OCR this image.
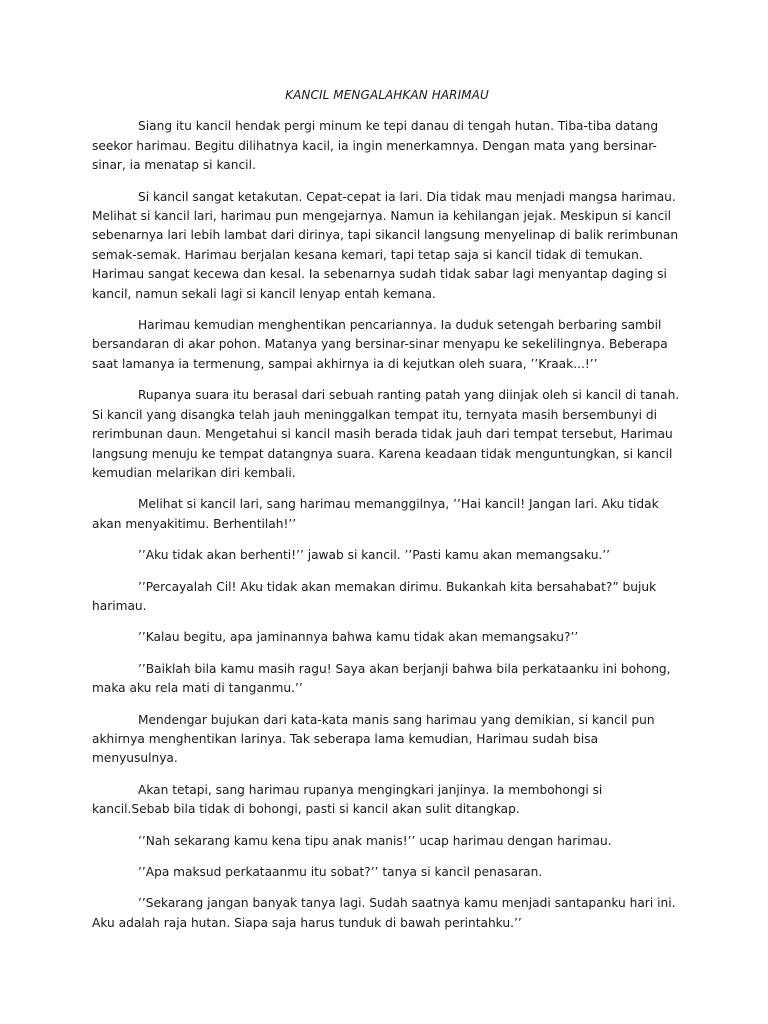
KANCIL MENGALAHKAN HARIMAU

Siang itu kancil hendak pergi minum ke tepi danau di tengah hutan. Tiba-tiba datang seekor harimau. Begitu dilihatnya kacil, ia ingin menerkamnya. Dengan mata yang bersinar-sinar, ia menatap si kancil.

Si kancil sangat ketakutan. Cepat-cepat ia lari. Dia tidak mau menjadi mangsa harimau. Melihat si kancil lari, harimau pun mengejarnya. Namun ia kehilangan jejak. Meskipun si kancil sebenarnya lari lebih lambat dari dirinya, tapi sikancil langsung menyelinap di balik rerimbunan semak-semak. Harimau berjalan kesana kemari, tapi tetap saja si kancil tidak di temukan. Harimau sangat kecewa dan kesal. Ia sebenarnya sudah tidak sabar lagi menyantap daging si kancil, namun sekali lagi si kancil lenyap entah kemana.

Harimau kemudian menghentikan pencariannya. Ia duduk setengah berbaring sambil bersandaran di akar pohon. Matanya yang bersinar-sinar menyapu ke sekelilingnya. Beberapa saat lamanya ia termenung, sampai akhirnya ia di kejutkan oleh suara, ’’Kraak...!’’

Rupanya suara itu berasal dari sebuah ranting patah yang diinjak oleh si kancil di tanah. Si kancil yang disangka telah jauh meninggalkan tempat itu, ternyata masih bersembunyi di rerimbunan daun. Mengetahui si kancil masih berada tidak jauh dari tempat tersebut, Harimau langsung menuju ke tempat datangnya suara. Karena keadaan tidak menguntungkan, si kancil kemudian melarikan diri kembali.

Melihat si kancil lari, sang harimau memanggilnya, ’’Hai kancil! Jangan lari. Aku tidak akan menyakitimu. Berhentilah!’’

’’Aku tidak akan berhenti!’’ jawab si kancil. ’’Pasti kamu akan memangsaku.’’

’’Percayalah Cil! Aku tidak akan memakan dirimu. Bukankah kita bersahabat?” bujuk harimau.

’’Kalau begitu, apa jaminannya bahwa kamu tidak akan memangsaku?’’

’’Baiklah bila kamu masih ragu! Saya akan berjanji bahwa bila perkataanku ini bohong, maka aku rela mati di tanganmu.’’

Mendengar bujukan dari kata-kata manis sang harimau yang demikian, si kancil pun akhirnya menghentikan larinya. Tak seberapa lama kemudian, Harimau sudah bisa menyusulnya.

Akan tetapi, sang harimau rupanya mengingkari janjinya. Ia membohongi si kancil.Sebab bila tidak di bohongi, pasti si kancil akan sulit ditangkap.

’’Nah sekarang kamu kena tipu anak manis!’’ ucap harimau dengan harimau.

’’Apa maksud perkataanmu itu sobat?’’ tanya si kancil penasaran.

’’Sekarang jangan banyak tanya lagi. Sudah saatnya kamu menjadi santapanku hari ini. Aku adalah raja hutan. Siapa saja harus tunduk di bawah perintahku.’’
